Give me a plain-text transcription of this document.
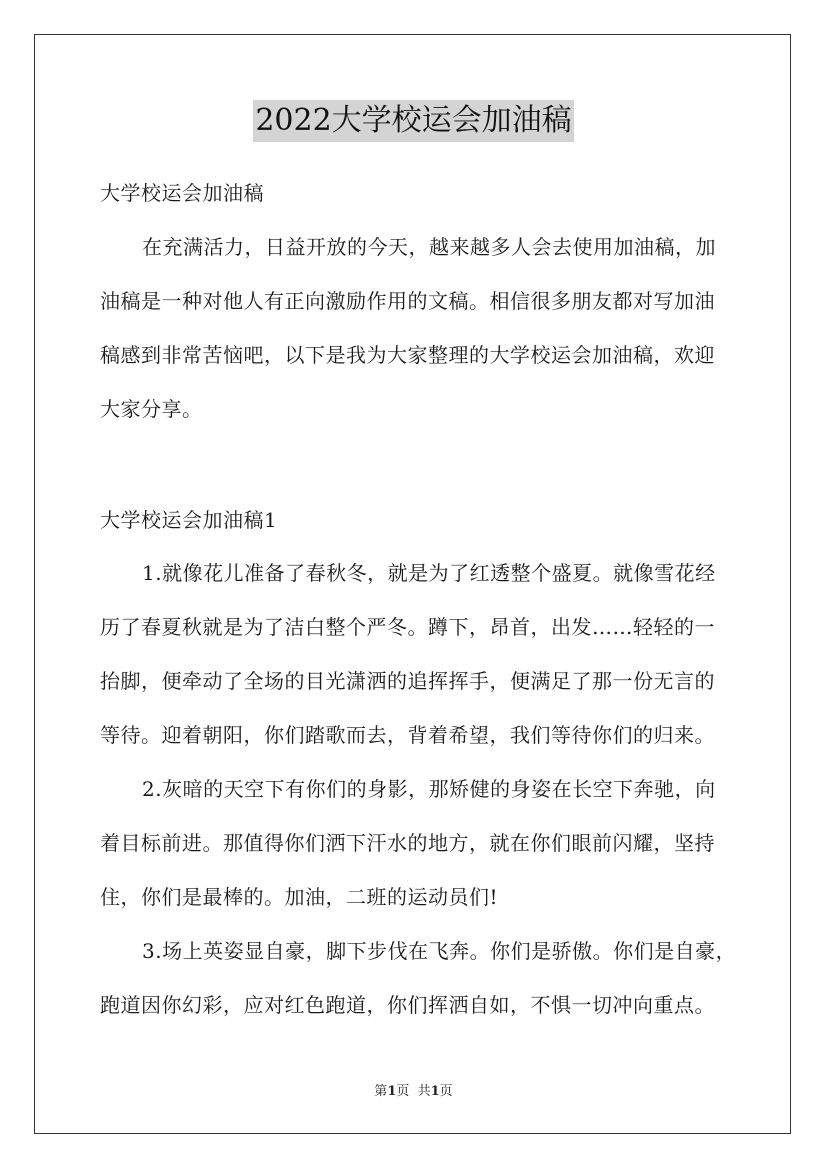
2022大学校运会加油稿
大学校运会加油稿
在充满活力，日益开放的今天，越来越多人会去使用加油稿，加
油稿是一种对他人有正向激励作用的文稿。相信很多朋友都对写加油
稿感到非常苦恼吧，以下是我为大家整理的大学校运会加油稿，欢迎
大家分享。
大学校运会加油稿1
1.就像花儿准备了春秋冬，就是为了红透整个盛夏。就像雪花经
历了春夏秋就是为了洁白整个严冬。蹲下，昂首，出发……轻轻的一
抬脚，便牵动了全场的目光潇洒的追挥挥手，便满足了那一份无言的
等待。迎着朝阳，你们踏歌而去，背着希望，我们等待你们的归来。
2.灰暗的天空下有你们的身影，那矫健的身姿在长空下奔驰，向
着目标前进。那值得你们洒下汗水的地方，就在你们眼前闪耀，坚持
住，你们是最棒的。加油，二班的运动员们!
3.场上英姿显自豪，脚下步伐在飞奔。你们是骄傲。你们是自豪，
跑道因你幻彩，应对红色跑道，你们挥洒自如，不惧一切冲向重点。
第1页  共1页
